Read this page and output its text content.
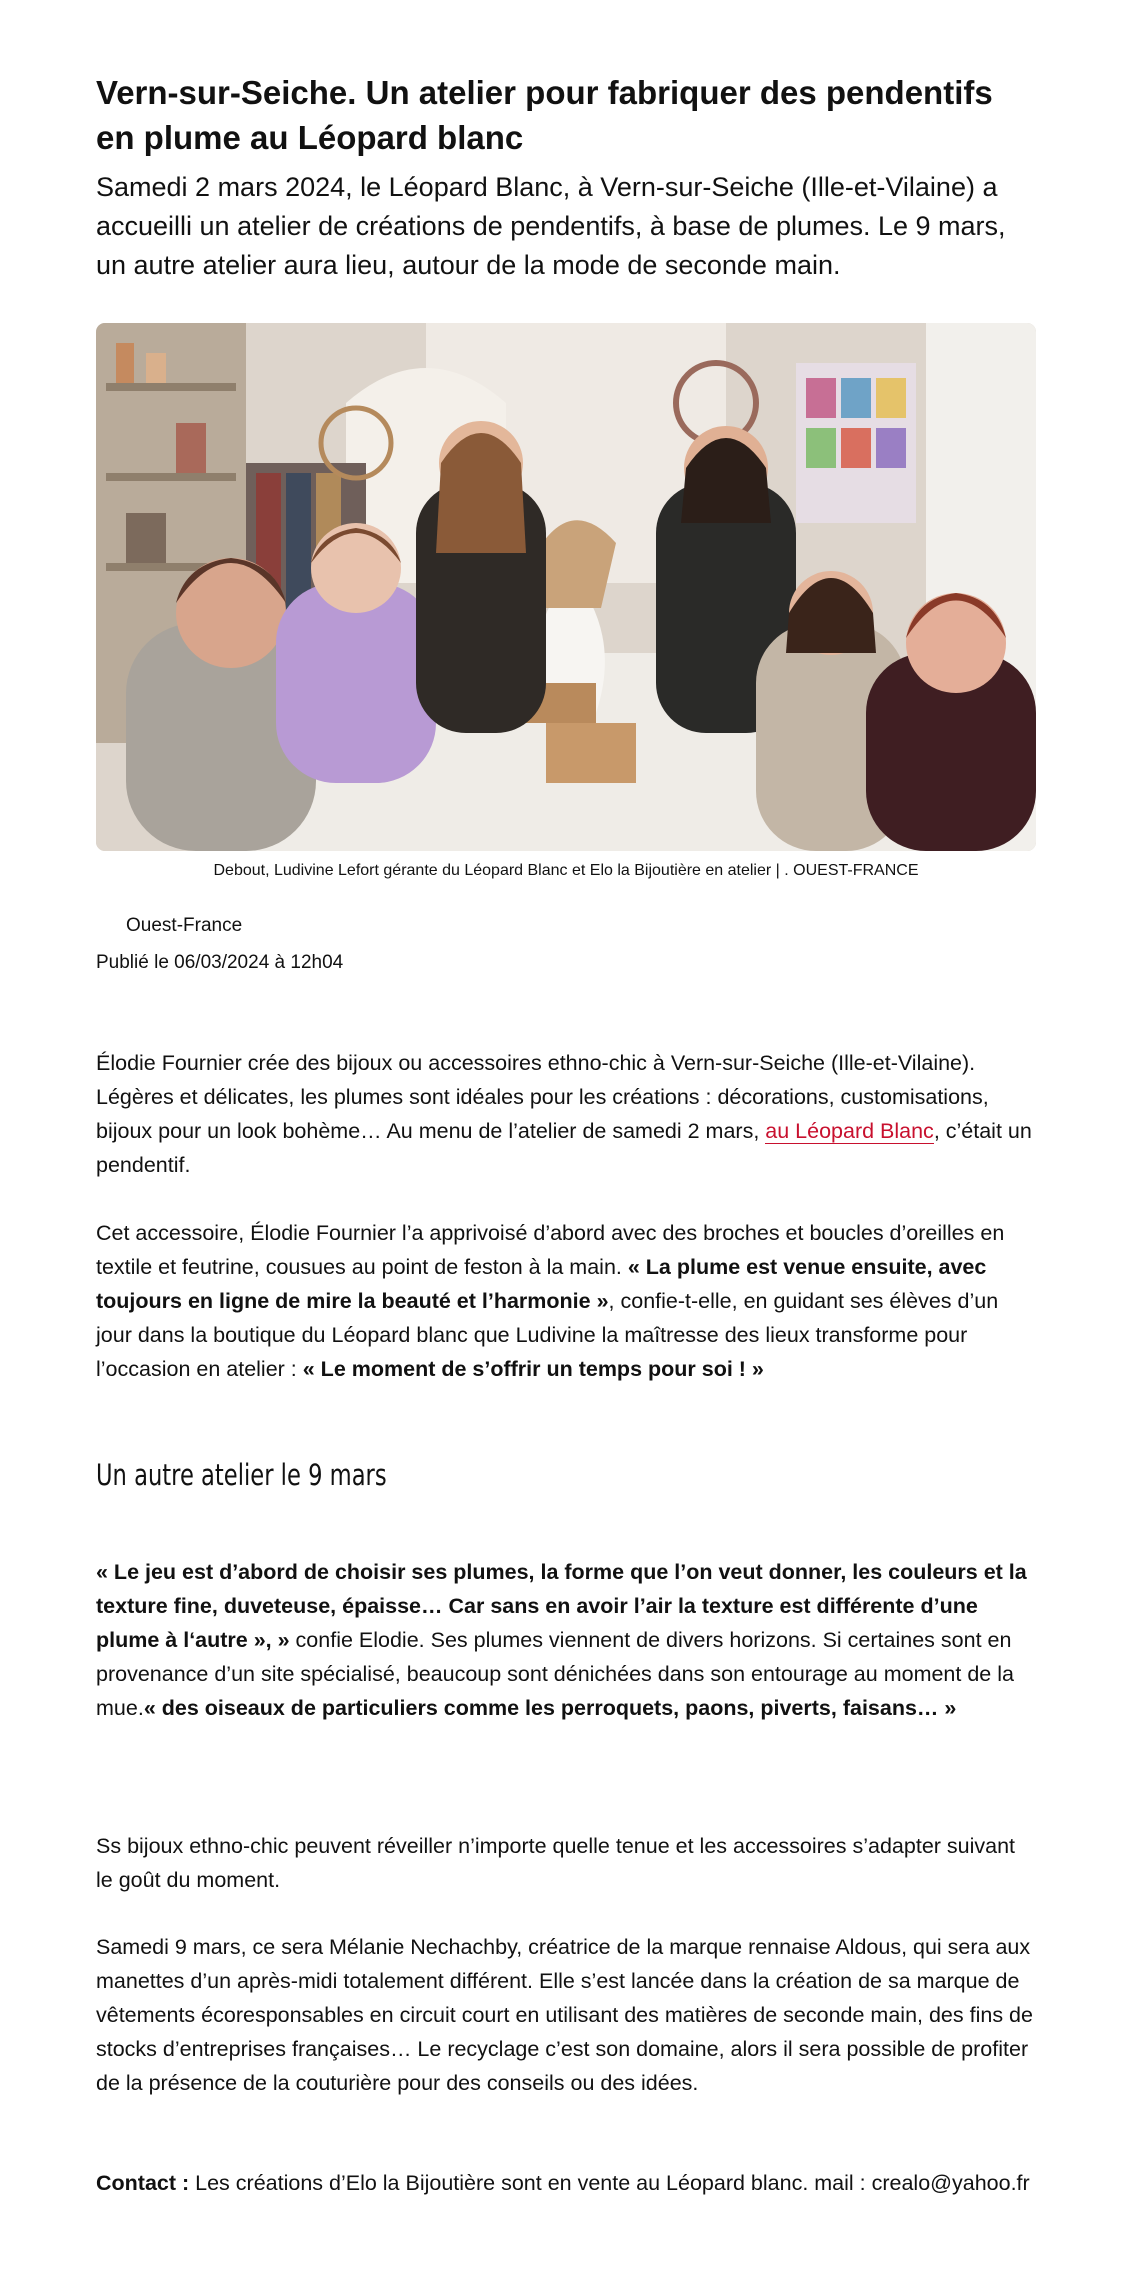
Vern-sur-Seiche. Un atelier pour fabriquer des pendentifs en plume au Léopard blanc

Samedi 2 mars 2024, le Léopard Blanc, à Vern-sur-Seiche (Ille-et-Vilaine) a accueilli un atelier de créations de pendentifs, à base de plumes. Le 9 mars, un autre atelier aura lieu, autour de la mode de seconde main.

Debout, Ludivine Lefort gérante du Léopard Blanc et Elo la Bijoutière en atelier | . OUEST-FRANCE
Ouest-France
Publié le 06/03/2024 à 12h04

Élodie Fournier crée des bijoux ou accessoires ethno-chic à Vern-sur-Seiche (Ille-et-Vilaine). Légères et délicates, les plumes sont idéales pour les créations : décorations, customisations, bijoux pour un look bohème… Au menu de l’atelier de samedi 2 mars, au Léopard Blanc, c’était un pendentif.

Cet accessoire, Élodie Fournier l’a apprivoisé d’abord avec des broches et boucles d’oreilles en textile et feutrine, cousues au point de feston à la main. « La plume est venue ensuite, avec toujours en ligne de mire la beauté et l’harmonie », confie-t-elle, en guidant ses élèves d’un jour dans la boutique du Léopard blanc que Ludivine la maîtresse des lieux transforme pour l’occasion en atelier : « Le moment de s’offrir un temps pour soi ! »

Un autre atelier le 9 mars

« Le jeu est d’abord de choisir ses plumes, la forme que l’on veut donner, les couleurs et la texture fine, duveteuse, épaisse… Car sans en avoir l’air la texture est différente d’une plume à l‘autre », » confie Elodie. Ses plumes viennent de divers horizons. Si certaines sont en provenance d’un site spécialisé, beaucoup sont dénichées dans son entourage au moment de la mue.« des oiseaux de particuliers comme les perroquets, paons, piverts, faisans… »

Ss bijoux ethno-chic peuvent réveiller n’importe quelle tenue et les accessoires s’adapter suivant le goût du moment.

Samedi 9 mars, ce sera Mélanie Nechachby, créatrice de la marque rennaise Aldous, qui sera aux manettes d’un après-midi totalement différent. Elle s’est lancée dans la création de sa marque de vêtements écoresponsables en circuit court en utilisant des matières de seconde main, des fins de stocks d’entreprises françaises… Le recyclage c’est son domaine, alors il sera possible de profiter de la présence de la couturière pour des conseils ou des idées.

Contact : Les créations d’Elo la Bijoutière sont en vente au Léopard blanc. mail : crealo@yahoo.fr
